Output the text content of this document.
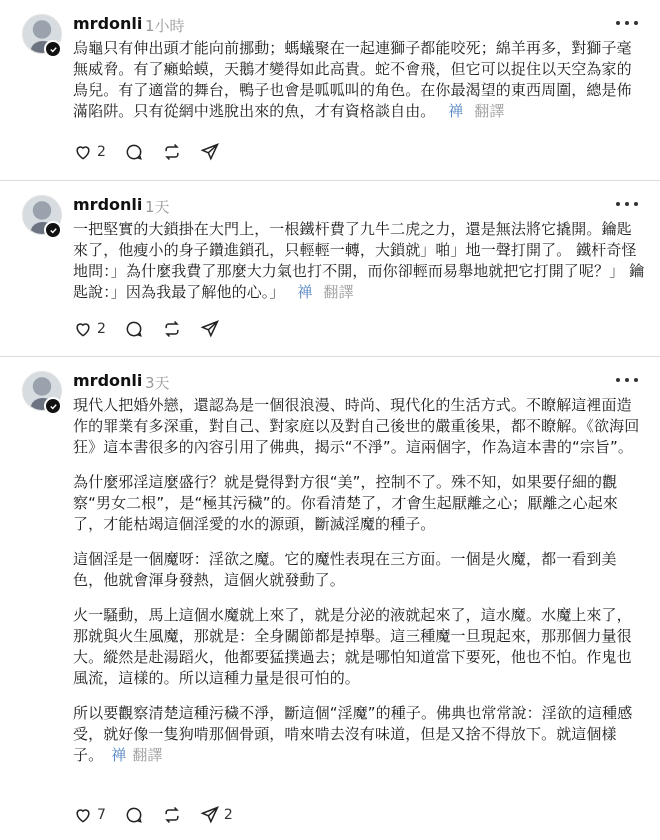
mrdonli 1小時
烏龜只有伸出頭才能向前挪動；螞蟻聚在一起連獅子都能咬死；綿羊再多，對獅子毫無威脅。有了癩蛤蟆，天鵝才變得如此高貴。蛇不會飛，但它可以捉住以天空為家的鳥兒。有了適當的舞台，鴨子也會是呱呱叫的角色。在你最渴望的東西周圍，總是佈滿陷阱。只有從網中逃脫出來的魚，才有資格談自由。 禅 翻譯
2
mrdonli 1天
一把堅實的大鎖掛在大門上，一根鐵杆費了九牛二虎之力，還是無法將它撬開。鑰匙來了，他瘦小的身子鑽進鎖孔，只輕輕一轉，大鎖就」啪」地一聲打開了。 鐵杆奇怪地問：」為什麼我費了那麼大力氣也打不開，而你卻輕而易舉地就把它打開了呢？」 鑰匙說：」因為我最了解他的心。」 禅 翻譯
2
mrdonli 3天

現代人把婚外戀，還認為是一個很浪漫、時尚、現代化的生活方式。不瞭解這裡面造作的罪業有多深重，對自己、對家庭以及對自己後世的嚴重後果，都不瞭解。《欲海回狂》這本書很多的內容引用了佛典，揭示“不淨”。這兩個字，作為這本書的“宗旨”。

為什麼邪淫這麼盛行？就是覺得對方很“美”，控制不了。殊不知，如果要仔細的觀察“男女二根”，是“極其污穢”的。你看清楚了，才會生起厭離之心；厭離之心起來了，才能枯竭這個淫愛的水的源頭，斷滅淫魔的種子。

這個淫是一個魔呀：淫欲之魔。它的魔性表現在三方面。一個是火魔，都一看到美色，他就會渾身發熱，這個火就發動了。

火一騷動，馬上這個水魔就上來了，就是分泌的液就起來了，這水魔。水魔上來了，那就與火生風魔，那就是：全身關節都是掉舉。這三種魔一旦現起來，那那個力量很大。縱然是赴湯蹈火，他都要猛撲過去；就是哪怕知道當下要死，他也不怕。作鬼也風流，這樣的。所以這種力量是很可怕的。

所以要觀察清楚這種污穢不淨，斷這個“淫魔”的種子。佛典也常常說：淫欲的這種感受，就好像一隻狗啃那個骨頭，啃來啃去沒有味道，但是又捨不得放下。就這個樣子。 禅 翻譯

7	2
